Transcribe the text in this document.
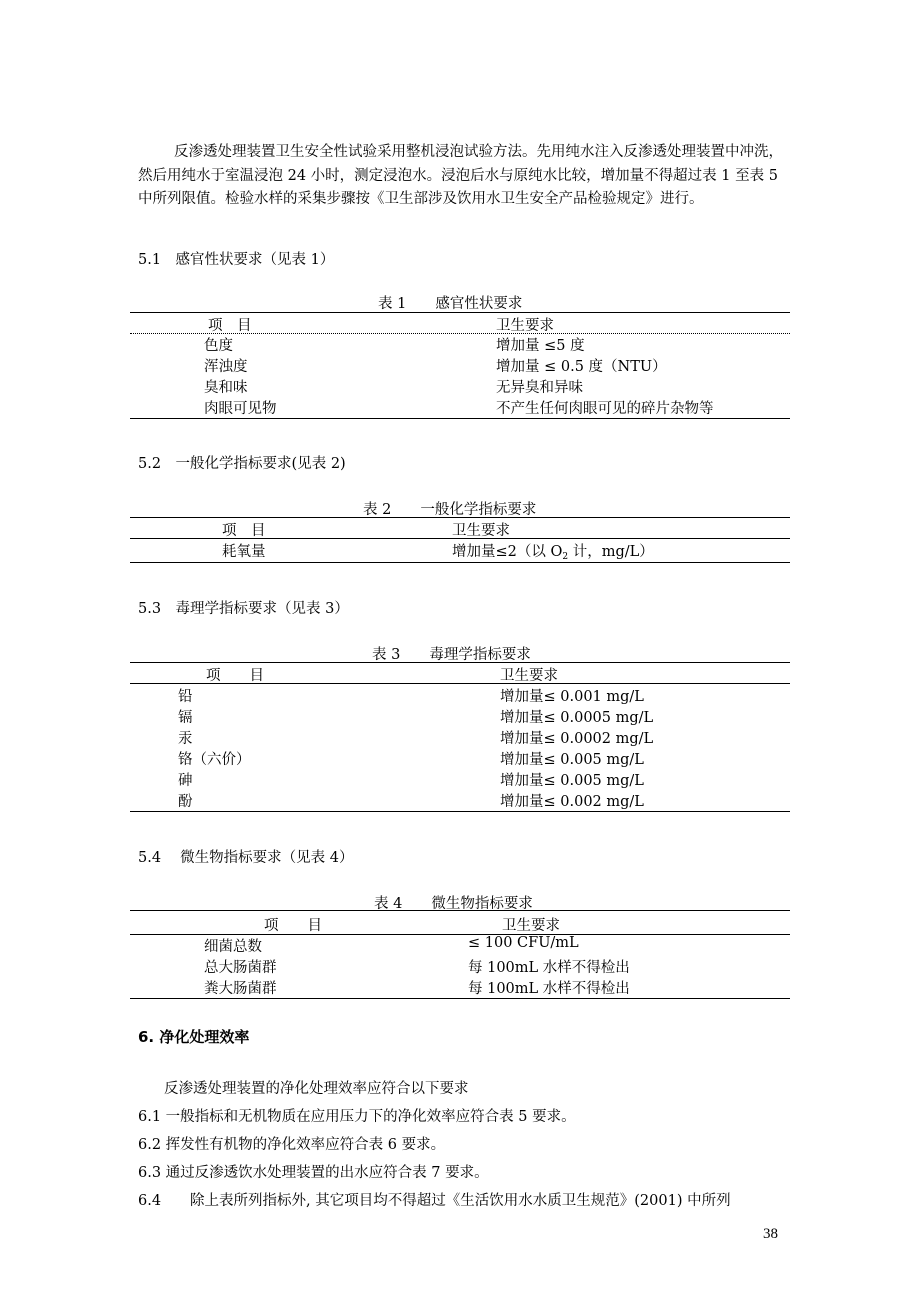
反渗透处理装置卫生安全性试验采用整机浸泡试验方法。先用纯水注入反渗透处理装置中冲洗，然后用纯水于室温浸泡 24 小时，测定浸泡水。浸泡后水与原纯水比较，增加量不得超过表 1 至表 5 中所列限值。检验水样的采集步骤按《卫生部涉及饮用水卫生安全产品检验规定》进行。
5.1　感官性状要求（见表 1）
表 1　　感官性状要求
项　目	卫生要求
色度	增加量 ≤5 度
浑浊度	增加量 ≤ 0.5 度（NTU）
臭和味	无异臭和异味
肉眼可见物	不产生任何肉眼可见的碎片杂物等
5.2　一般化学指标要求(见表 2)
表 2　　一般化学指标要求
项　目	卫生要求
耗氧量	增加量≤2（以 $O_2$ 计，mg/L）
5.3　毒理学指标要求（见表 3）
表 3　　毒理学指标要求
项　　目	卫生要求
铅	增加量≤ 0.001 mg/L
镉	增加量≤ 0.0005 mg/L
汞	增加量≤ 0.0002 mg/L
铬（六价）	增加量≤ 0.005 mg/L
砷	增加量≤ 0.005 mg/L
酚	增加量≤ 0.002 mg/L
5.4　 微生物指标要求（见表 4）
表 4　　微生物指标要求
项　　目	卫生要求
细菌总数	≤ 100 CFU/mL
总大肠菌群	每 100mL 水样不得检出
粪大肠菌群	每 100mL 水样不得检出
6. 净化处理效率
反渗透处理装置的净化处理效率应符合以下要求
6.1 一般指标和无机物质在应用压力下的净化效率应符合表 5 要求。
6.2 挥发性有机物的净化效率应符合表 6 要求。
6.3 通过反渗透饮水处理装置的出水应符合表 7 要求。
6.4　　除上表所列指标外, 其它项目均不得超过《生活饮用水水质卫生规范》(2001) 中所列
38
